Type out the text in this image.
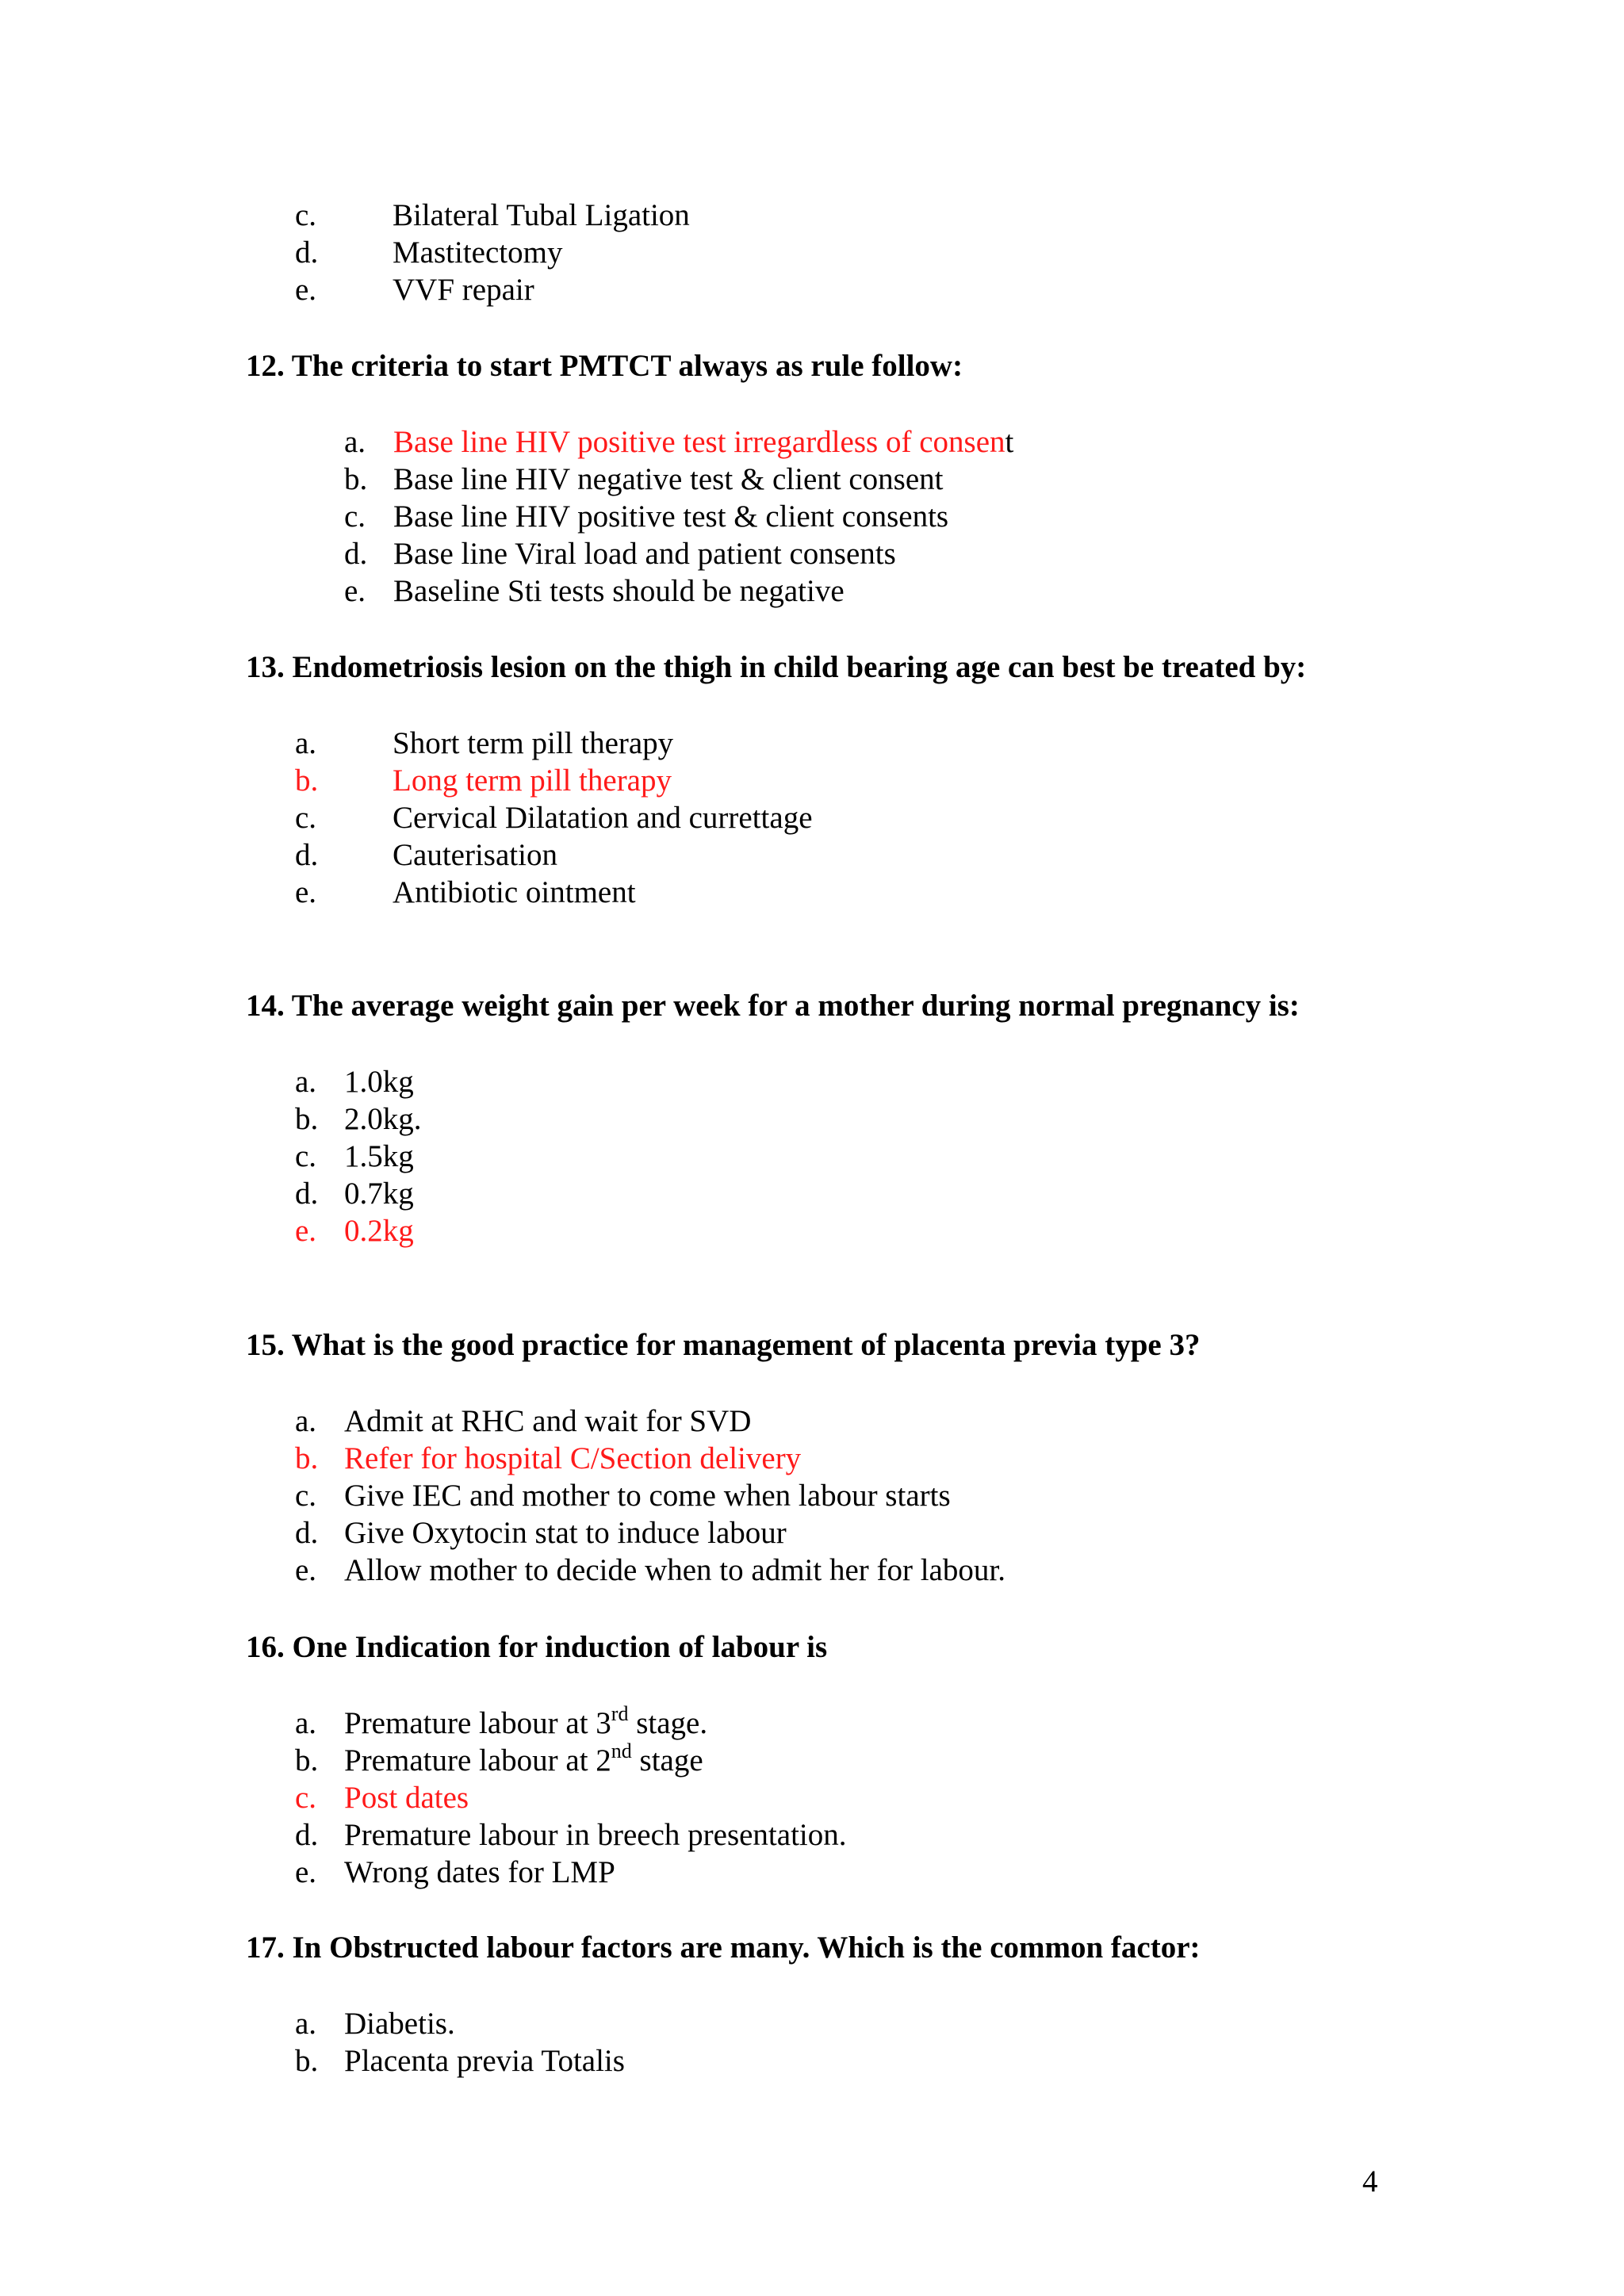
c. Bilateral Tubal Ligation
d. Mastitectomy
e. VVF repair

12. The criteria to start PMTCT always as rule follow:

a. Base line HIV positive test irregardless of consent
b. Base line HIV negative test & client consent
c. Base line HIV positive test & client consents
d. Base line Viral load and patient consents
e. Baseline Sti tests should be negative

13. Endometriosis lesion on the thigh in child bearing age can best be treated by:

a. Short term pill therapy
b. Long term pill therapy
c. Cervical Dilatation and currettage
d. Cauterisation
e. Antibiotic ointment

14. The average weight gain per week for a mother during normal pregnancy is:

a. 1.0kg
b. 2.0kg.
c. 1.5kg
d. 0.7kg
e. 0.2kg

15. What is the good practice for management of placenta previa type 3?

a. Admit at RHC and wait for SVD
b. Refer for hospital C/Section delivery
c. Give IEC and mother to come when labour starts
d. Give Oxytocin stat to induce labour
e. Allow mother to decide when to admit her for labour.

16. One Indication for induction of labour is

a. Premature labour at 3rd stage.
b. Premature labour at 2nd stage
c. Post dates
d. Premature labour in breech presentation.
e. Wrong dates for LMP

17. In Obstructed labour factors are many. Which is the common factor:

a. Diabetis.
b. Placenta previa Totalis
4
